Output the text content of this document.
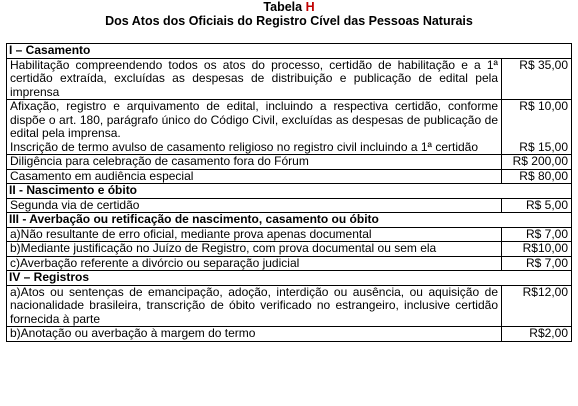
Tabela H
Dos Atos dos Oficiais do Registro Cível das Pessoas Naturais
I – Casamento	
Habilitação compreendendo todos os atos do processo, certidão de habilitação e a 1ª certidão extraída, excluídas as despesas de distribuição e publicação de edital pela imprensa	R$ 35,00
Afixação, registro e arquivamento de edital, incluindo a respectiva certidão, conforme dispõe o art. 180, parágrafo único do Código Civil, excluídas as despesas de publicação de edital pela imprensa.	R$ 10,00
Inscrição de termo avulso de casamento religioso no registro civil incluindo a 1ª certidão	R$ 15,00
Diligência para celebração de casamento fora do Fórum	R$ 200,00
Casamento em audiência especial	R$ 80,00
II - Nascimento e óbito	
Segunda via de certidão	R$ 5,00
III - Averbação ou retificação de nascimento, casamento ou óbito	
a)Não resultante de erro oficial, mediante prova apenas documental	R$ 7,00
b)Mediante justificação no Juízo de Registro, com prova documental ou sem ela	R$10,00
c)Averbação referente a divórcio ou separação judicial	R$ 7,00
IV – Registros	
a)Atos ou sentenças de emancipação, adoção, interdição ou ausência, ou aquisição de nacionalidade brasileira, transcrição de óbito verificado no estrangeiro, inclusive certidão fornecida à parte	R$12,00
b)Anotação ou averbação à margem do termo	R$2,00
